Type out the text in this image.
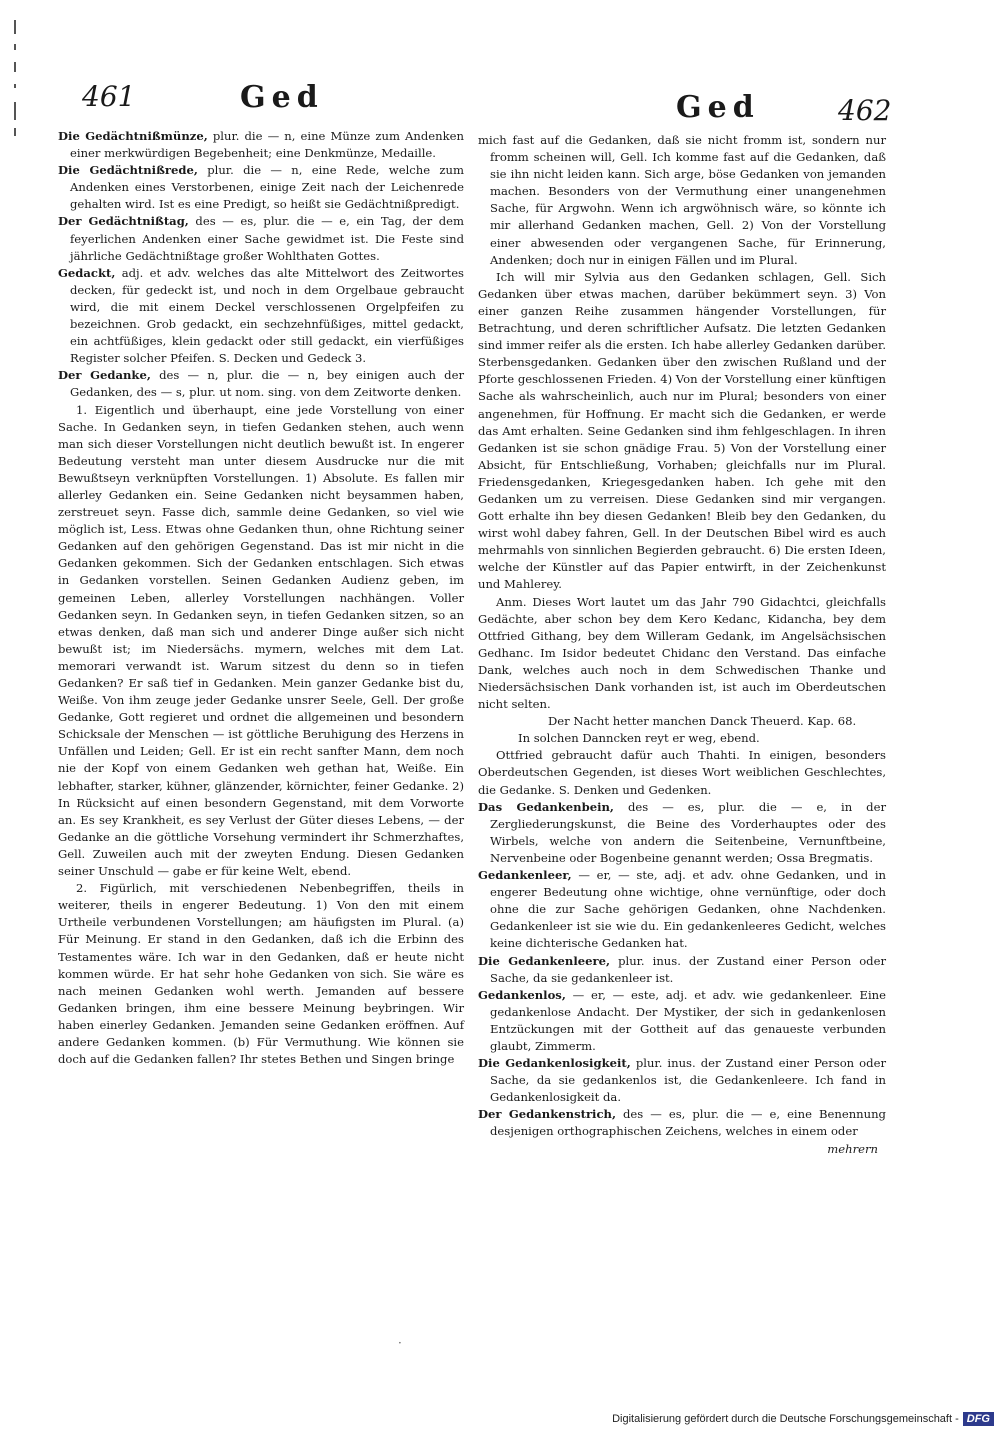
461	Ged	Ged	462

Die Gedächtnißmünze, plur. die — n, eine Münze zum Andenken einer merkwürdigen Begebenheit; eine Denkmünze, Medaille.

Die Gedächtnißrede, plur. die — n, eine Rede, welche zum Andenken eines Verstorbenen, einige Zeit nach der Leichenrede gehalten wird. Ist es eine Predigt, so heißt sie Gedächtnißpredigt.

Der Gedächtnißtag, des — es, plur. die — e, ein Tag, der dem feyerlichen Andenken einer Sache gewidmet ist. Die Feste sind jährliche Gedächtnißtage großer Wohlthaten Gottes.

Gedackt, adj. et adv. welches das alte Mittelwort des Zeitwortes decken, für gedeckt ist, und noch in dem Orgelbaue gebraucht wird, die mit einem Deckel verschlossenen Orgelpfeifen zu bezeichnen. Grob gedackt, ein sechzehnfüßiges, mittel gedackt, ein achtfüßiges, klein gedackt oder still gedackt, ein vierfüßiges Register solcher Pfeifen. S. Decken und Gedeck 3.

Der Gedanke, des — n, plur. die — n, bey einigen auch der Gedanken, des — s, plur. ut nom. sing. von dem Zeitworte denken.

1. Eigentlich und überhaupt, eine jede Vorstellung von einer Sache. In Gedanken seyn, in tiefen Gedanken stehen, auch wenn man sich dieser Vorstellungen nicht deutlich bewußt ist. In engerer Bedeutung versteht man unter diesem Ausdrucke nur die mit Bewußtseyn verknüpften Vorstellungen. 1) Absolute. Es fallen mir allerley Gedanken ein. Seine Gedanken nicht beysammen haben, zerstreuet seyn. Fasse dich, sammle deine Gedanken, so viel wie möglich ist, Less. Etwas ohne Gedanken thun, ohne Richtung seiner Gedanken auf den gehörigen Gegenstand. Das ist mir nicht in die Gedanken gekommen. Sich der Gedanken entschlagen. Sich etwas in Gedanken vorstellen. Seinen Gedanken Audienz geben, im gemeinen Leben, allerley Vorstellungen nachhängen. Voller Gedanken seyn. In Gedanken seyn, in tiefen Gedanken sitzen, so an etwas denken, daß man sich und anderer Dinge außer sich nicht bewußt ist; im Niedersächs. mymern, welches mit dem Lat. memorari verwandt ist. Warum sitzest du denn so in tiefen Gedanken? Er saß tief in Gedanken. Mein ganzer Gedanke bist du, Weiße. Von ihm zeuge jeder Gedanke unsrer Seele, Gell. Der große Gedanke, Gott regieret und ordnet die allgemeinen und besondern Schicksale der Menschen — ist göttliche Beruhigung des Herzens in Unfällen und Leiden; Gell. Er ist ein recht sanfter Mann, dem noch nie der Kopf von einem Gedanken weh gethan hat, Weiße. Ein lebhafter, starker, kühner, glänzender, körnichter, feiner Gedanke. 2) In Rücksicht auf einen besondern Gegenstand, mit dem Vorworte an. Es sey Krankheit, es sey Verlust der Güter dieses Lebens, — der Gedanke an die göttliche Vorsehung vermindert ihr Schmerzhaftes, Gell. Zuweilen auch mit der zweyten Endung. Diesen Gedanken seiner Unschuld — gabe er für keine Welt, ebend.

2. Figürlich, mit verschiedenen Nebenbegriffen, theils in weiterer, theils in engerer Bedeutung. 1) Von den mit einem Urtheile verbundenen Vorstellungen; am häufigsten im Plural. (a) Für Meinung. Er stand in den Gedanken, daß ich die Erbinn des Testamentes wäre. Ich war in den Gedanken, daß er heute nicht kommen würde. Er hat sehr hohe Gedanken von sich. Sie wäre es nach meinen Gedanken wohl werth. Jemanden auf bessere Gedanken bringen, ihm eine bessere Meinung beybringen. Wir haben einerley Gedanken. Jemanden seine Gedanken eröffnen. Auf andere Gedanken kommen. (b) Für Vermuthung. Wie können sie doch auf die Gedanken fallen? Ihr stetes Bethen und Singen bringe

mich fast auf die Gedanken, daß sie nicht fromm ist, sondern nur fromm scheinen will, Gell. Ich komme fast auf die Gedanken, daß sie ihn nicht leiden kann. Sich arge, böse Gedanken von jemanden machen. Besonders von der Vermuthung einer unangenehmen Sache, für Argwohn. Wenn ich argwöhnisch wäre, so könnte ich mir allerhand Gedanken machen, Gell. 2) Von der Vorstellung einer abwesenden oder vergangenen Sache, für Erinnerung, Andenken; doch nur in einigen Fällen und im Plural.

Ich will mir Sylvia aus den Gedanken schlagen, Gell. Sich Gedanken über etwas machen, darüber bekümmert seyn. 3) Von einer ganzen Reihe zusammen hängender Vorstellungen, für Betrachtung, und deren schriftlicher Aufsatz. Die letzten Gedanken sind immer reifer als die ersten. Ich habe allerley Gedanken darüber. Sterbensgedanken. Gedanken über den zwischen Rußland und der Pforte geschlossenen Frieden. 4) Von der Vorstellung einer künftigen Sache als wahrscheinlich, auch nur im Plural; besonders von einer angenehmen, für Hoffnung. Er macht sich die Gedanken, er werde das Amt erhalten. Seine Gedanken sind ihm fehlgeschlagen. In ihren Gedanken ist sie schon gnädige Frau. 5) Von der Vorstellung einer Absicht, für Entschließung, Vorhaben; gleichfalls nur im Plural. Friedensgedanken, Kriegesgedanken haben. Ich gehe mit den Gedanken um zu verreisen. Diese Gedanken sind mir vergangen. Gott erhalte ihn bey diesen Gedanken! Bleib bey den Gedanken, du wirst wohl dabey fahren, Gell. In der Deutschen Bibel wird es auch mehrmahls von sinnlichen Begierden gebraucht. 6) Die ersten Ideen, welche der Künstler auf das Papier entwirft, in der Zeichenkunst und Mahlerey.

Anm. Dieses Wort lautet um das Jahr 790 Gidachtci, gleichfalls Gedächte, aber schon bey dem Kero Kedanc, Kidancha, bey dem Ottfried Githang, bey dem Willeram Gedank, im Angelsächsischen Gedhanc. Im Isidor bedeutet Chidanc den Verstand. Das einfache Dank, welches auch noch in dem Schwedischen Thanke und Niedersächsischen Dank vorhanden ist, ist auch im Oberdeutschen nicht selten.

Der Nacht hetter manchen Danck Theuerd. Kap. 68.

In solchen Danncken reyt er weg, ebend.

Ottfried gebraucht dafür auch Thahti. In einigen, besonders Oberdeutschen Gegenden, ist dieses Wort weiblichen Geschlechtes, die Gedanke. S. Denken und Gedenken.

Das Gedankenbein, des — es, plur. die — e, in der Zergliederungskunst, die Beine des Vorderhauptes oder des Wirbels, welche von andern die Seitenbeine, Vernunftbeine, Nervenbeine oder Bogenbeine genannt werden; Ossa Bregmatis.

Gedankenleer, — er, — ste, adj. et adv. ohne Gedanken, und in engerer Bedeutung ohne wichtige, ohne vernünftige, oder doch ohne die zur Sache gehörigen Gedanken, ohne Nachdenken. Gedankenleer ist sie wie du. Ein gedankenleeres Gedicht, welches keine dichterische Gedanken hat.

Die Gedankenleere, plur. inus. der Zustand einer Person oder Sache, da sie gedankenleer ist.

Gedankenlos, — er, — este, adj. et adv. wie gedankenleer. Eine gedankenlose Andacht. Der Mystiker, der sich in gedankenlosen Entzückungen mit der Gottheit auf das genaueste verbunden glaubt, Zimmerm.

Die Gedankenlosigkeit, plur. inus. der Zustand einer Person oder Sache, da sie gedankenlos ist, die Gedankenleere. Ich fand in Gedankenlosigkeit da.

Der Gedankenstrich, des — es, plur. die — e, eine Benennung desjenigen orthographischen Zeichens, welches in einem oder

mehrern

·
Digitalisierung gefördert durch die Deutsche Forschungsgemeinschaft - DFG
